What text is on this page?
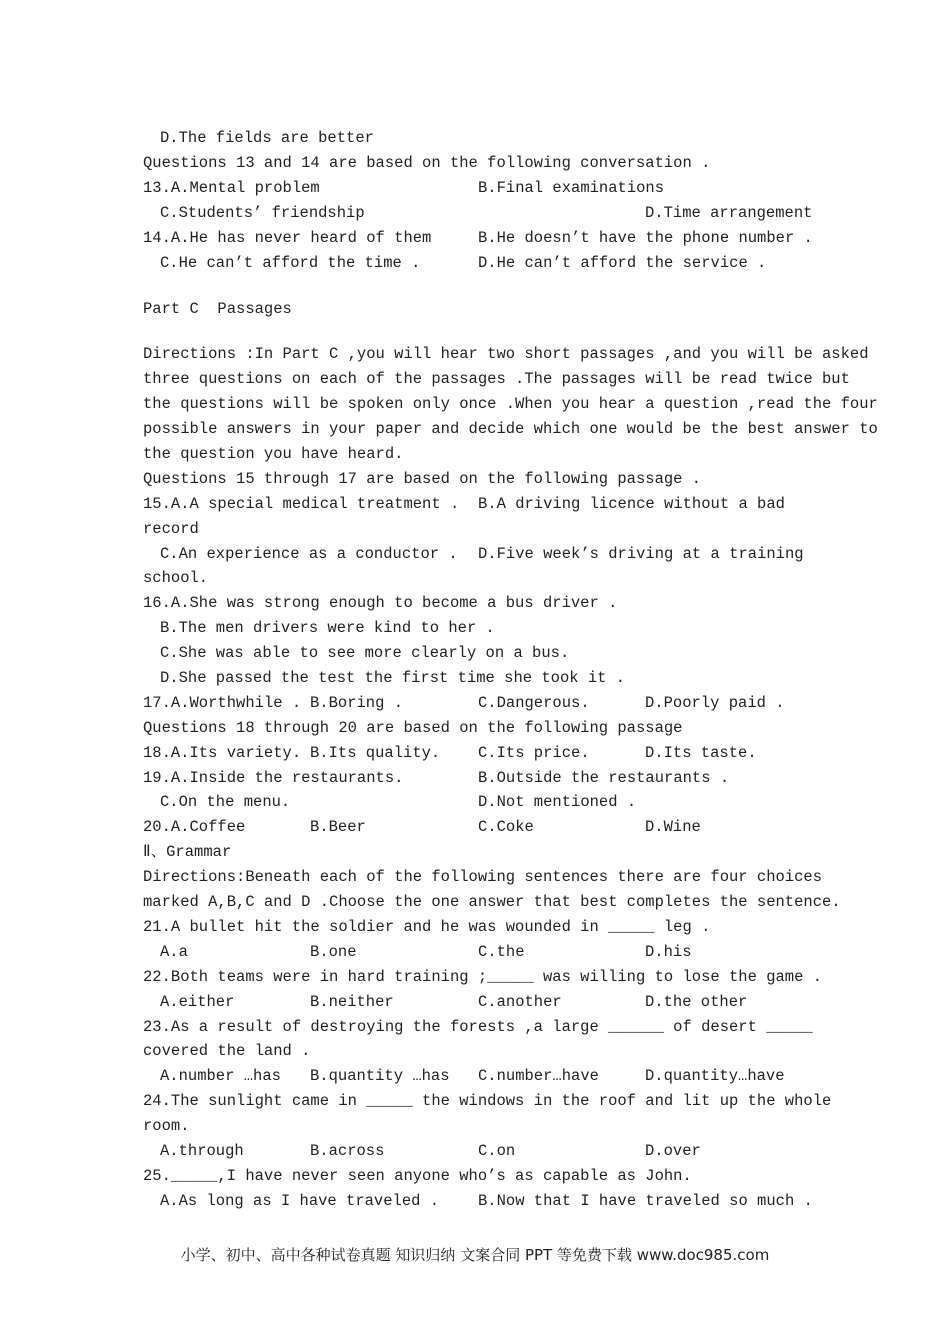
D.The fields are better
Questions 13 and 14 are based on the following conversation .
13.A.Mental problem	B.Final examinations
C.Students’ friendship	D.Time arrangement
14.A.He has never heard of them	B.He doesn’t have the phone number .
C.He can’t afford the time .	D.He can’t afford the service .
Part C  Passages
Directions :In Part C ,you will hear two short passages ,and you will be asked
three questions on each of the passages .The passages will be read twice but
the questions will be spoken only once .When you hear a question ,read the four
possible answers in your paper and decide which one would be the best answer to
the question you have heard.
Questions 15 through 17 are based on the following passage .
15.A.A special medical treatment . B.A driving licence without a bad
record
C.An experience as a conductor . D.Five week’s driving at a training
school.
16.A.She was strong enough to become a bus driver .
B.The men drivers were kind to her .
C.She was able to see more clearly on a bus.
D.She passed the test the first time she took it .
17.A.Worthwhile . B.Boring .	C.Dangerous.	D.Poorly paid .
Questions 18 through 20 are based on the following passage
18.A.Its variety. B.Its quality. C.Its price.	D.Its taste.
19.A.Inside the restaurants.	B.Outside the restaurants .
C.On the menu.	D.Not mentioned .
20.A.Coffee	B.Beer	C.Coke	D.Wine
Ⅱ、Grammar
Directions:Beneath each of the following sentences there are four choices
marked A,B,C and D .Choose the one answer that best completes the sentence.
21.A bullet hit the soldier and he was wounded in _____ leg .
A.a	B.one	C.the	D.his
22.Both teams were in hard training ;_____ was willing to lose the game .
A.either	B.neither	C.another	D.the other
23.As a result of destroying the forests ,a large ______ of desert _____
covered the land .
A.number …has B.quantity …has C.number…have	D.quantity…have
24.The sunlight came in _____ the windows in the roof and lit up the whole
room.
A.through	B.across	C.on	D.over
25._____,I have never seen anyone who’s as capable as John.
A.As long as I have traveled .	B.Now that I have traveled so much .
小学、初中、高中各种试卷真题 知识归纳 文案合同 PPT 等免费下载 www.doc985.com
